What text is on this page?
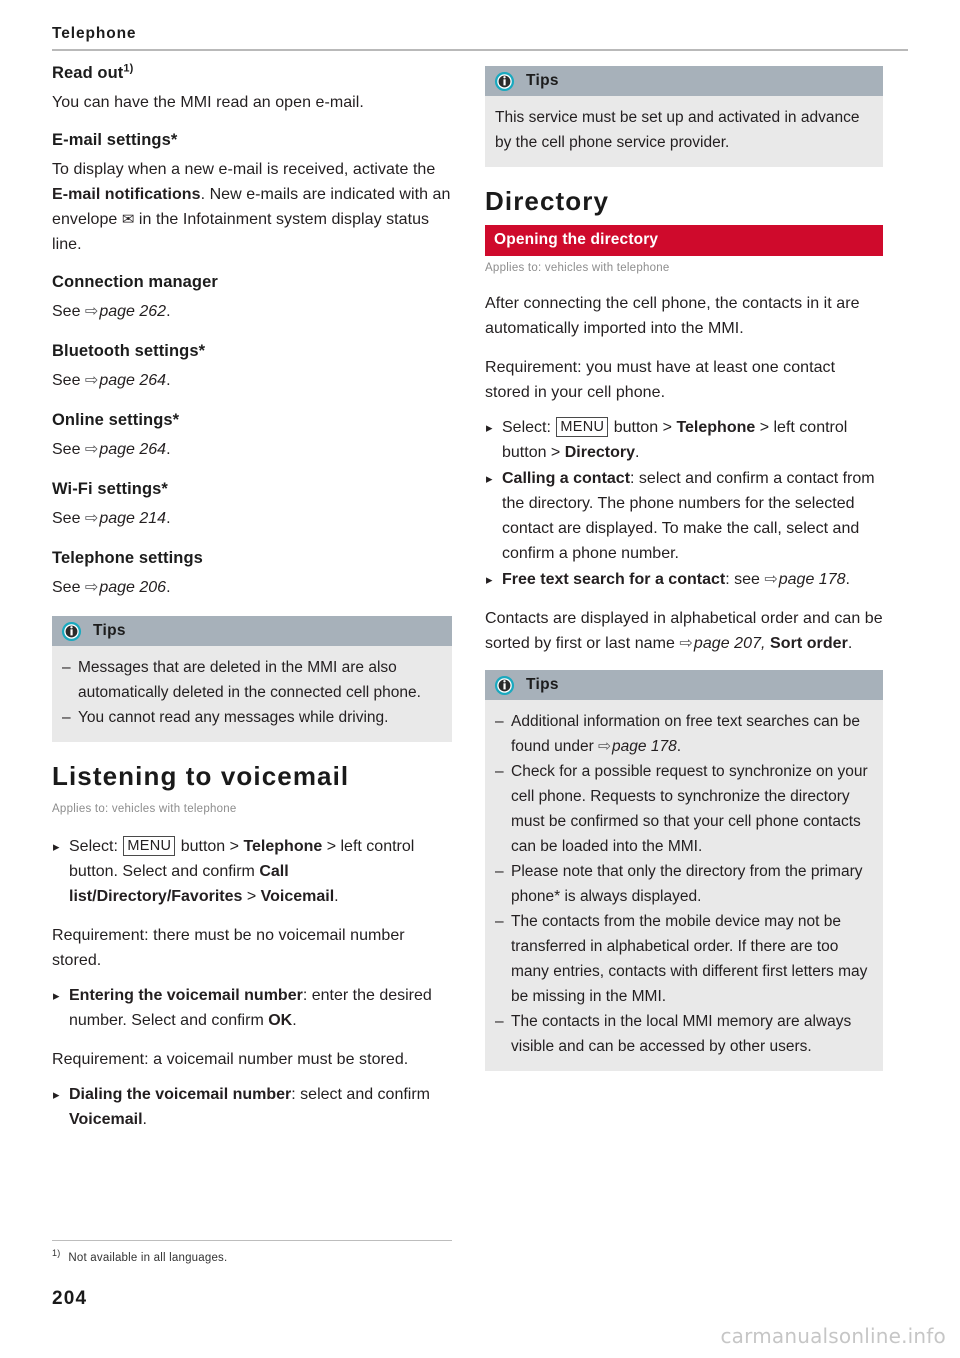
Telephone
Read out$^{1)}$

You can have the MMI read an open e-mail.

E-mail settings*

To display when a new e-mail is received, activate the E-mail notifications. New e-mails are indicated with an envelope ✉ in the Infotainment system display status line.

Connection manager

See ⇨page 262.

Bluetooth settings*

See ⇨page 264.

Online settings*

See ⇨page 264.

Wi-Fi settings*

See ⇨page 214.

Telephone settings

See ⇨page 206.

Tips
– Messages that are deleted in the MMI are also automatically deleted in the connected cell phone.
– You cannot read any messages while driving.
Listening to voicemail
Applies to: vehicles with telephone
▸ Select: MENU button > Telephone > left control button. Select and confirm Call list/Directory/Favorites > Voicemail.

Requirement: there must be no voicemail number stored.

▸ Entering the voicemail number: enter the desired number. Select and confirm OK.

Requirement: a voicemail number must be stored.

▸ Dialing the voicemail number: select and confirm Voicemail.
Tips

This service must be set up and activated in advance by the cell phone service provider.

Directory
Opening the directory
Applies to: vehicles with telephone

After connecting the cell phone, the contacts in it are automatically imported into the MMI.

Requirement: you must have at least one contact stored in your cell phone.

▸ Select: MENU button > Telephone > left control button > Directory.
▸ Calling a contact: select and confirm a contact from the directory. The phone numbers for the selected contact are displayed. To make the call, select and confirm a phone number.
▸ Free text search for a contact: see ⇨page 178.

Contacts are displayed in alphabetical order and can be sorted by first or last name ⇨page 207, Sort order.

Tips
– Additional information on free text searches can be found under ⇨page 178.
– Check for a possible request to synchronize on your cell phone. Requests to synchronize the directory must be confirmed so that your cell phone contacts can be loaded into the MMI.
– Please note that only the directory from the primary phone* is always displayed.
– The contacts from the mobile device may not be transferred in alphabetical order. If there are too many entries, contacts with different first letters may be missing in the MMI.
– The contacts in the local MMI memory are always visible and can be accessed by other users.
$^{1)}$ Not available in all languages.
204
carmanualsonline.info
